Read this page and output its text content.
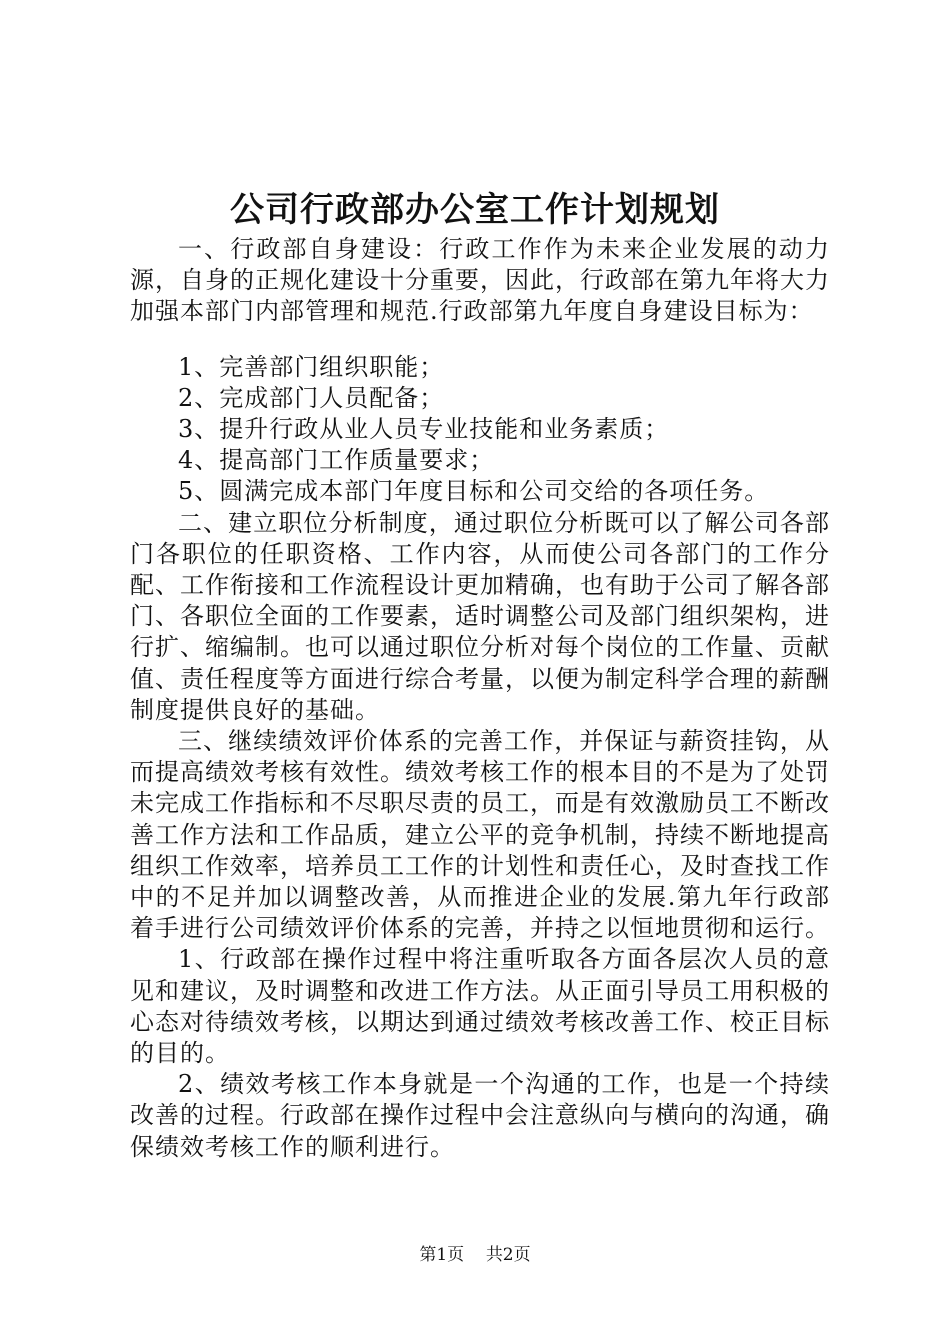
公司行政部办公室工作计划规划

一、行政部自身建设：行政工作作为未来企业发展的动力源，自身的正规化建设十分重要，因此，行政部在第九年将大力加强本部门内部管理和规范.行政部第九年度自身建设目标为：

1、完善部门组织职能；

2、完成部门人员配备；

3、提升行政从业人员专业技能和业务素质；

4、提高部门工作质量要求；

5、圆满完成本部门年度目标和公司交给的各项任务。

二、建立职位分析制度，通过职位分析既可以了解公司各部门各职位的任职资格、工作内容，从而使公司各部门的工作分配、工作衔接和工作流程设计更加精确，也有助于公司了解各部门、各职位全面的工作要素，适时调整公司及部门组织架构，进行扩、缩编制。也可以通过职位分析对每个岗位的工作量、贡献值、责任程度等方面进行综合考量，以便为制定科学合理的薪酬制度提供良好的基础。

三、继续绩效评价体系的完善工作，并保证与薪资挂钩，从而提高绩效考核有效性。绩效考核工作的根本目的不是为了处罚未完成工作指标和不尽职尽责的员工，而是有效激励员工不断改善工作方法和工作品质，建立公平的竞争机制，持续不断地提高组织工作效率，培养员工工作的计划性和责任心，及时查找工作中的不足并加以调整改善，从而推进企业的发展.第九年行政部着手进行公司绩效评价体系的完善，并持之以恒地贯彻和运行。

1、行政部在操作过程中将注重听取各方面各层次人员的意见和建议，及时调整和改进工作方法。从正面引导员工用积极的心态对待绩效考核，以期达到通过绩效考核改善工作、校正目标的目的。

2、绩效考核工作本身就是一个沟通的工作，也是一个持续改善的过程。行政部在操作过程中会注意纵向与横向的沟通，确保绩效考核工作的顺利进行。

第1页 共2页
